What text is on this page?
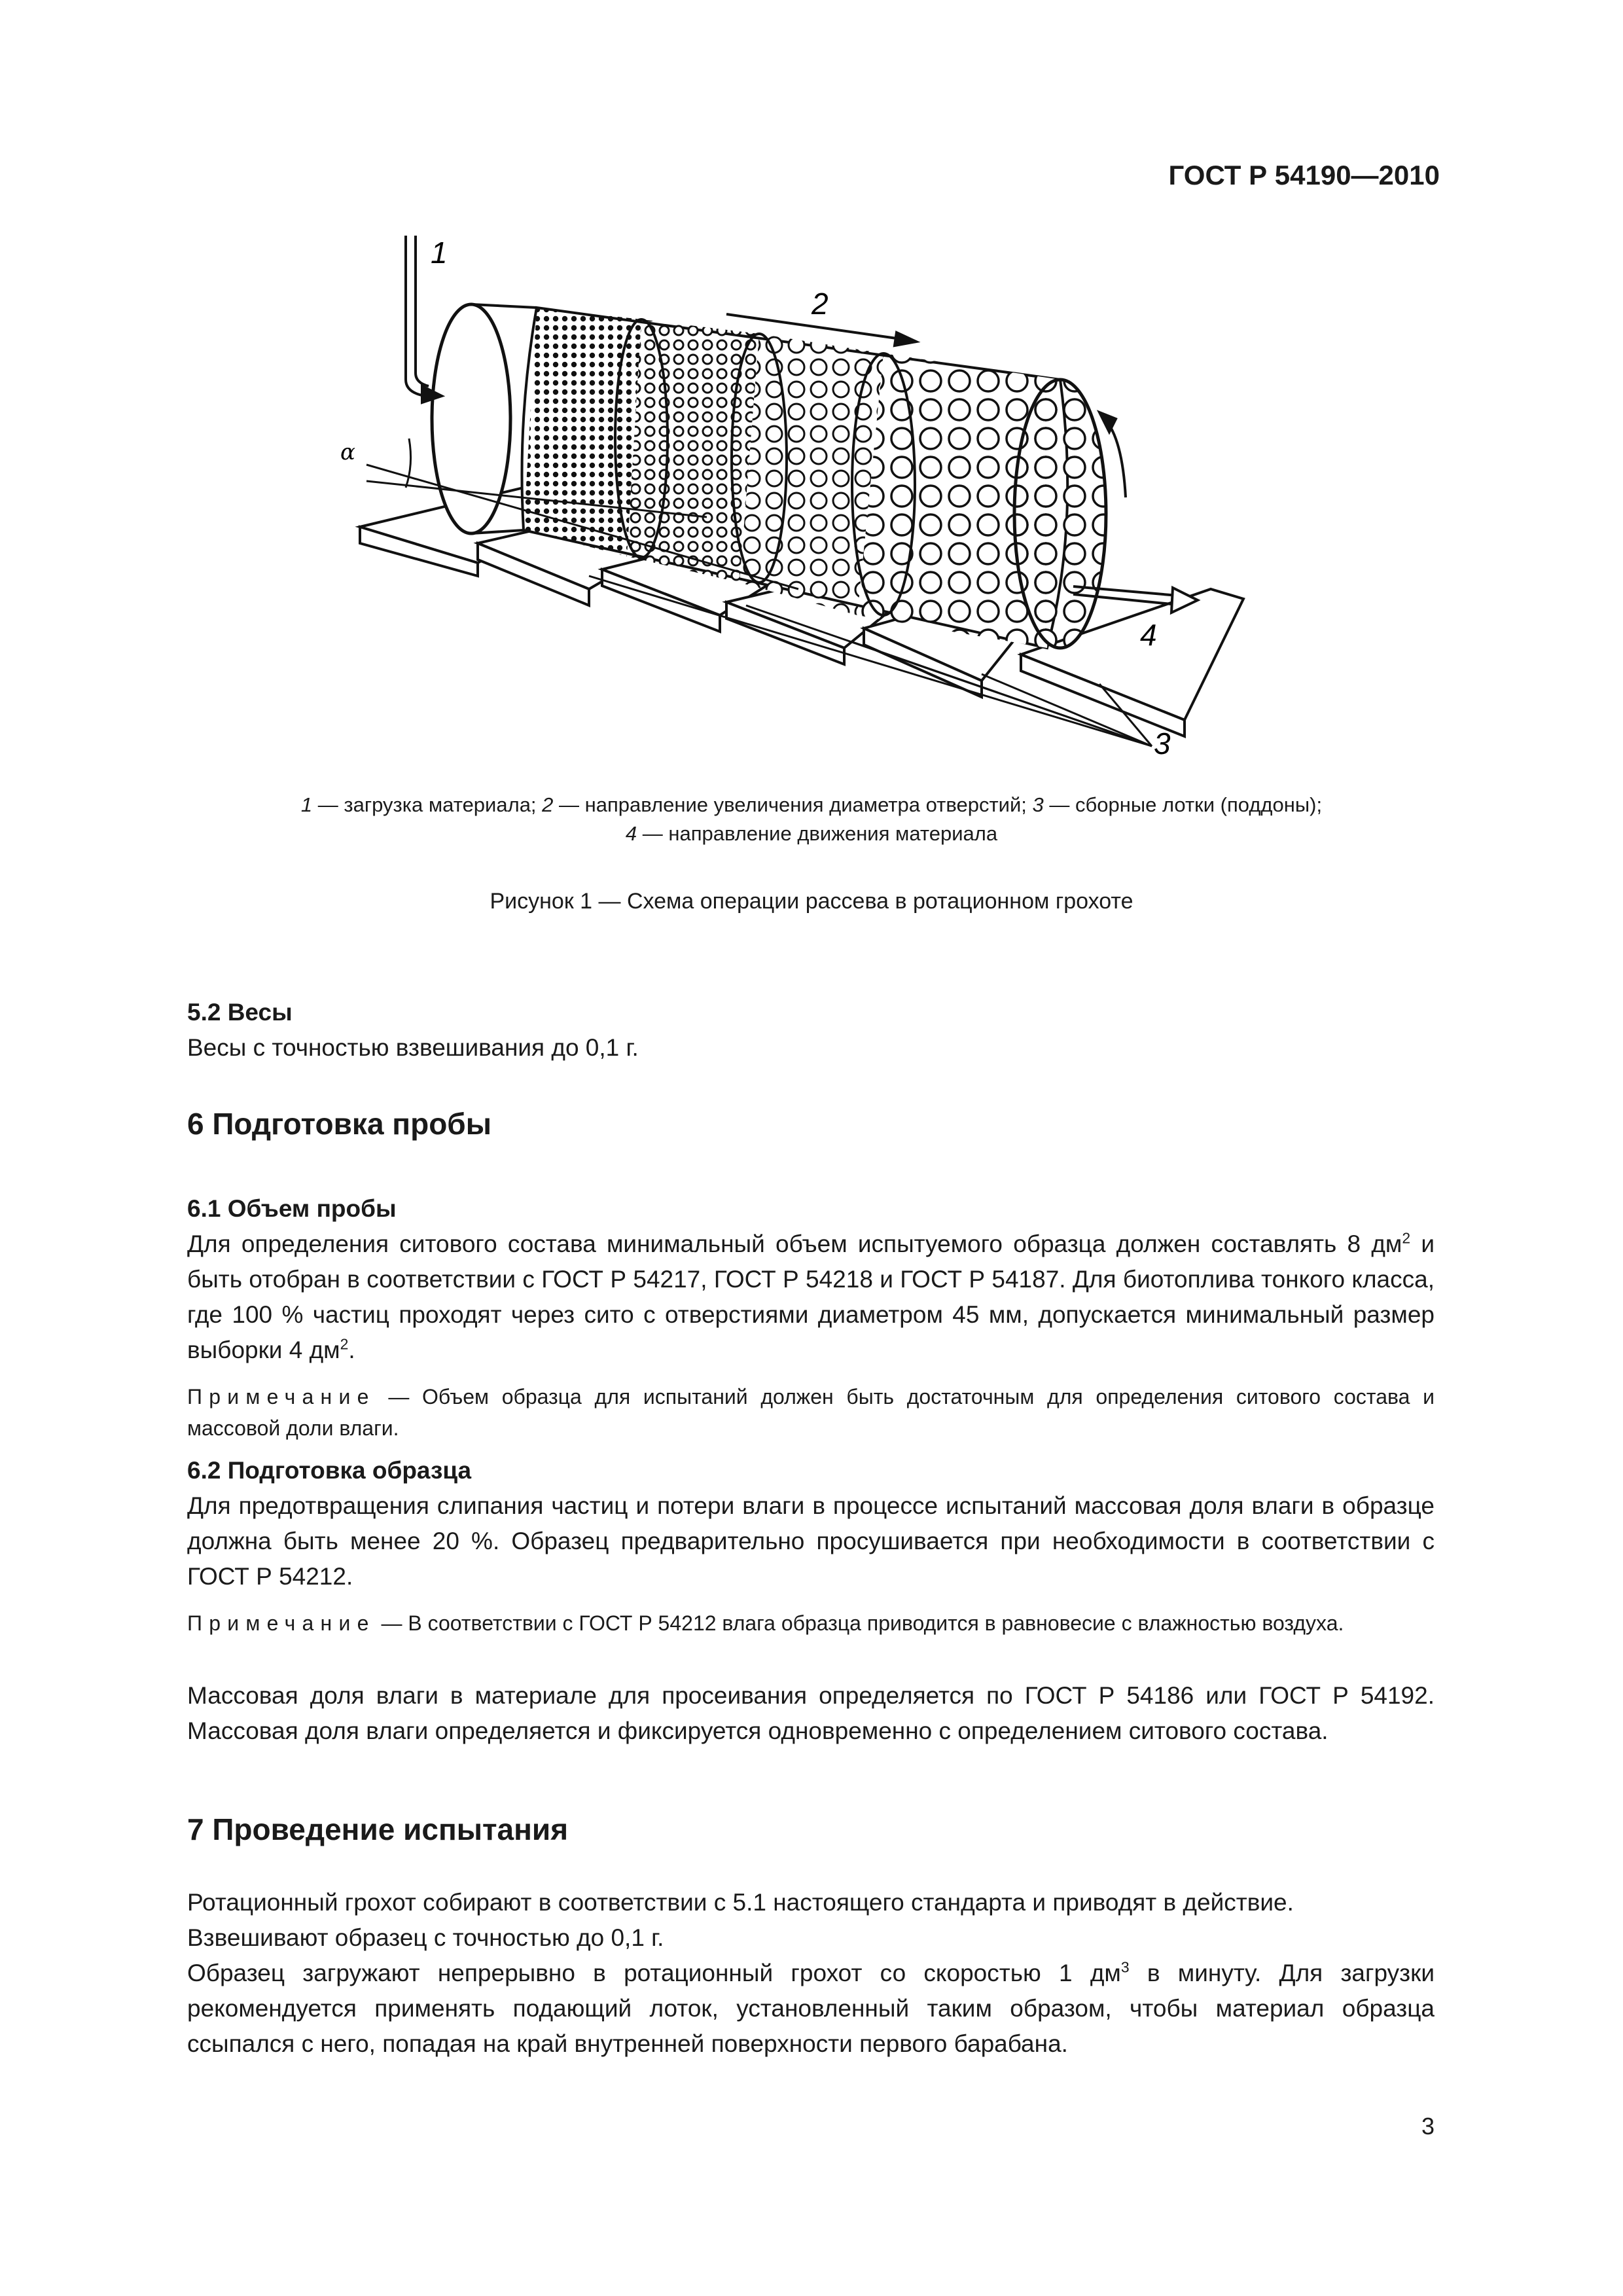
ГОСТ Р 54190—2010
α
1
2
4
3
1 — загрузка материала; 2 — направление увеличения диаметра отверстий; 3 — сборные лотки (поддоны);
4 — направление движения материала
Рисунок 1 — Схема операции рассева в ротационном грохоте
5.2 Весы

Весы с точностью взвешивания до 0,1 г.

6 Подготовка пробы
6.1 Объем пробы

Для определения ситового состава минимальный объем испытуемого образца должен составлять 8 $дм^2$ и быть отобран в соответствии с ГОСТ Р 54217, ГОСТ Р 54218 и ГОСТ Р 54187. Для биотоплива тонкого класса, где 100 % частиц проходят через сито с отверстиями диаметром 45 мм, допускается минимальный размер выборки 4 $дм^2$.

Примечание — Объем образца для испытаний должен быть достаточным для определения ситового состава и массовой доли влаги.
6.2 Подготовка образца

Для предотвращения слипания частиц и потери влаги в процессе испытаний массовая доля влаги в образце должна быть менее 20 %. Образец предварительно просушивается при необходимости в соответствии с ГОСТ Р 54212.

Примечание — В соответствии с ГОСТ Р 54212 влага образца приводится в равновесие с влажностью воздуха.

Массовая доля влаги в материале для просеивания определяется по ГОСТ Р 54186 или ГОСТ Р 54192. Массовая доля влаги определяется и фиксируется одновременно с определением ситового состава.

7 Проведение испытания

Ротационный грохот собирают в соответствии с 5.1 настоящего стандарта и приводят в действие.

Взвешивают образец с точностью до 0,1 г.

Образец загружают непрерывно в ротационный грохот со скоростью 1 $дм^3$ в минуту. Для загрузки рекомендуется применять подающий лоток, установленный таким образом, чтобы материал образца ссыпался с него, попадая на край внутренней поверхности первого барабана.

3
